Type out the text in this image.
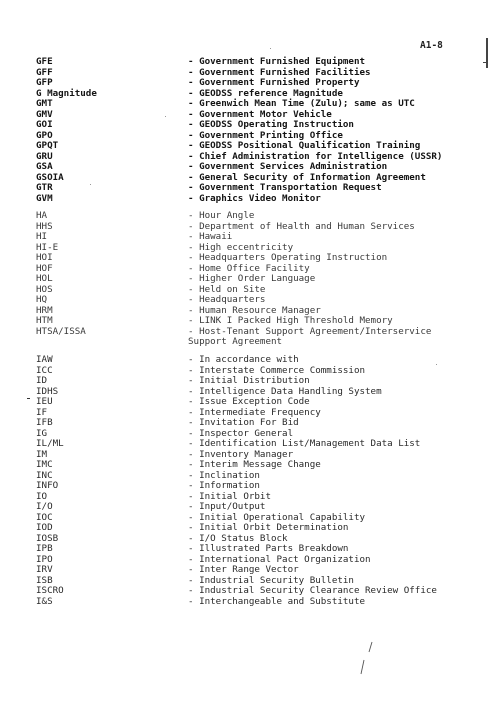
A1-8
GFE	- Government Furnished Equipment
GFF	- Government Furnished Facilities
GFP	- Government Furnished Property
G Magnitude	- GEODSS reference Magnitude
GMT	- Greenwich Mean Time (Zulu); same as UTC
GMV	- Government Motor Vehicle
GOI	- GEODSS Operating Instruction
GPO	- Government Printing Office
GPQT	- GEODSS Positional Qualification Training
GRU	- Chief Administration for Intelligence (USSR)
GSA	- Government Services Administration
GSOIA	- General Security of Information Agreement
GTR	- Government Transportation Request
GVM	- Graphics Video Monitor
HA	- Hour Angle
HHS	- Department of Health and Human Services
HI	- Hawaii
HI-E	- High eccentricity
HOI	- Headquarters Operating Instruction
HOF	- Home Office Facility
HOL	- Higher Order Language
HOS	- Held on Site
HQ	- Headquarters
HRM	- Human Resource Manager
HTM	- LINK I Packed High Threshold Memory
HTSA/ISSA	- Host-Tenant Support Agreement/Interservice
Support Agreement
IAW	- In accordance with
ICC	- Interstate Commerce Commission
ID	- Initial Distribution
IDHS	- Intelligence Data Handling System
IEU	- Issue Exception Code
IF	- Intermediate Frequency
IFB	- Invitation For Bid
IG	- Inspector General
IL/ML	- Identification List/Management Data List
IM	- Inventory Manager
IMC	- Interim Message Change
INC	- Inclination
INFO	- Information
IO	- Initial Orbit
I/O	- Input/Output
IOC	- Initial Operational Capability
IOD	- Initial Orbit Determination
IOSB	- I/O Status Block
IPB	- Illustrated Parts Breakdown
IPO	- International Pact Organization
IRV	- Inter Range Vector
ISB	- Industrial Security Bulletin
ISCRO	- Industrial Security Clearance Review Office
I&S	- Interchangeable and Substitute
